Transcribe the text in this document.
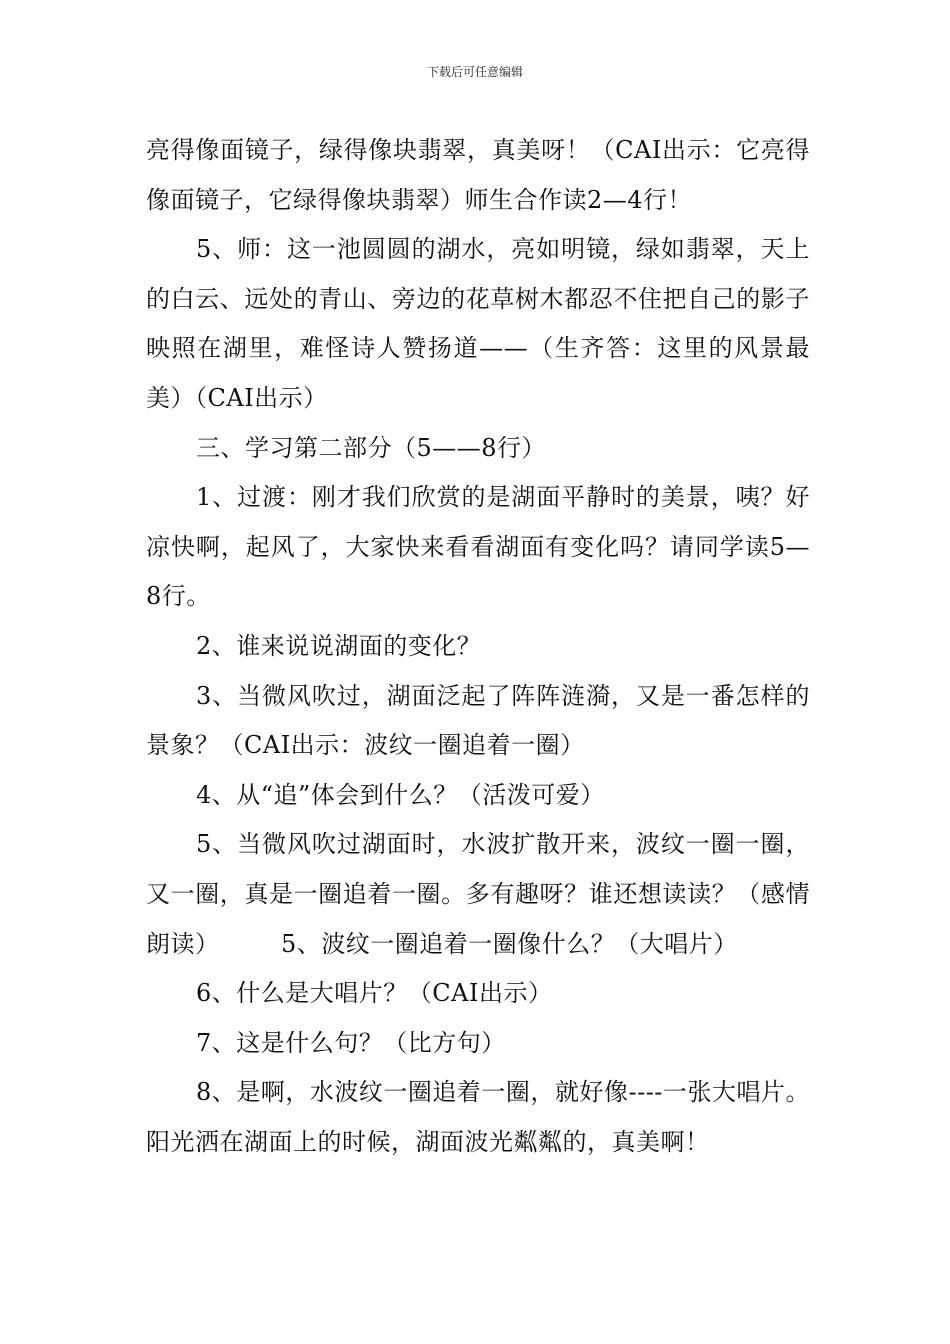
下载后可任意编辑

亮得像面镜子，绿得像块翡翠，真美呀！（CAI出示：它亮得像面镜子，它绿得像块翡翠）师生合作读2—4行！

5、师：这一池圆圆的湖水，亮如明镜，绿如翡翠，天上的白云、远处的青山、旁边的花草树木都忍不住把自己的影子映照在湖里，难怪诗人赞扬道——（生齐答：这里的风景最美）（CAI出示）

三、学习第二部分（5——8行）

1、过渡：刚才我们欣赏的是湖面平静时的美景，咦？好凉快啊，起风了，大家快来看看湖面有变化吗？请同学读5—8行。

2、谁来说说湖面的变化？

3、当微风吹过，湖面泛起了阵阵涟漪，又是一番怎样的景象？（CAI出示：波纹一圈追着一圈）

4、从“追”体会到什么？（活泼可爱）

5、当微风吹过湖面时，水波扩散开来，波纹一圈一圈，又一圈，真是一圈追着一圈。多有趣呀？谁还想读读？（感情朗读）　　　5、波纹一圈追着一圈像什么？（大唱片）

6、什么是大唱片？（CAI出示）

7、这是什么句？（比方句）

8、是啊，水波纹一圈追着一圈，就好像----一张大唱片。阳光洒在湖面上的时候，湖面波光粼粼的，真美啊！
